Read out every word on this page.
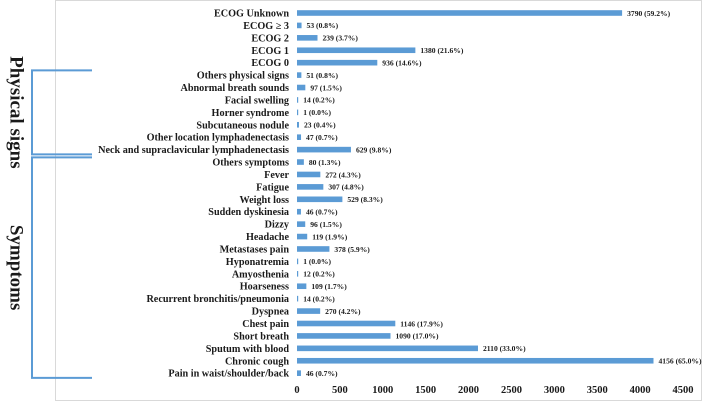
ECOG Unknown
ECOG ≥ 3
ECOG 2
ECOG 1
ECOG 0
Others physical signs
Abnormal breath sounds
Facial swelling
Horner syndrome
Subcutaneous nodule
Other location lymphadenectasis
Neck and supraclavicular lymphadenectasis
Others symptoms
Fever
Fatigue
Weight loss
Sudden dyskinesia
Dizzy
Headache
Metastases pain
Hyponatremia
Amyosthenia
Hoarseness
Recurrent bronchitis/pneumonia
Dyspnea
Chest pain
Short breath
Sputum with blood
Chronic cough
Pain in waist/shoulder/back
3790 (59.2%)
53 (0.8%)
239 (3.7%)
1380 (21.6%)
936 (14.6%)
51 (0.8%)
97 (1.5%)
14 (0.2%)
1 (0.0%)
23 (0.4%)
47 (0.7%)
629 (9.8%)
80 (1.3%)
272 (4.3%)
307 (4.8%)
529 (8.3%)
46 (0.7%)
96 (1.5%)
119 (1.9%)
378 (5.9%)
1 (0.0%)
12 (0.2%)
109 (1.7%)
14 (0.2%)
270 (4.2%)
1146 (17.9%)
1090 (17.0%)
2110 (33.0%)
4156 (65.0%)
46 (0.7%)
0	500 1000 1500 2000 2500 3000 3500 4000 4500
Physical signs
Symptoms
